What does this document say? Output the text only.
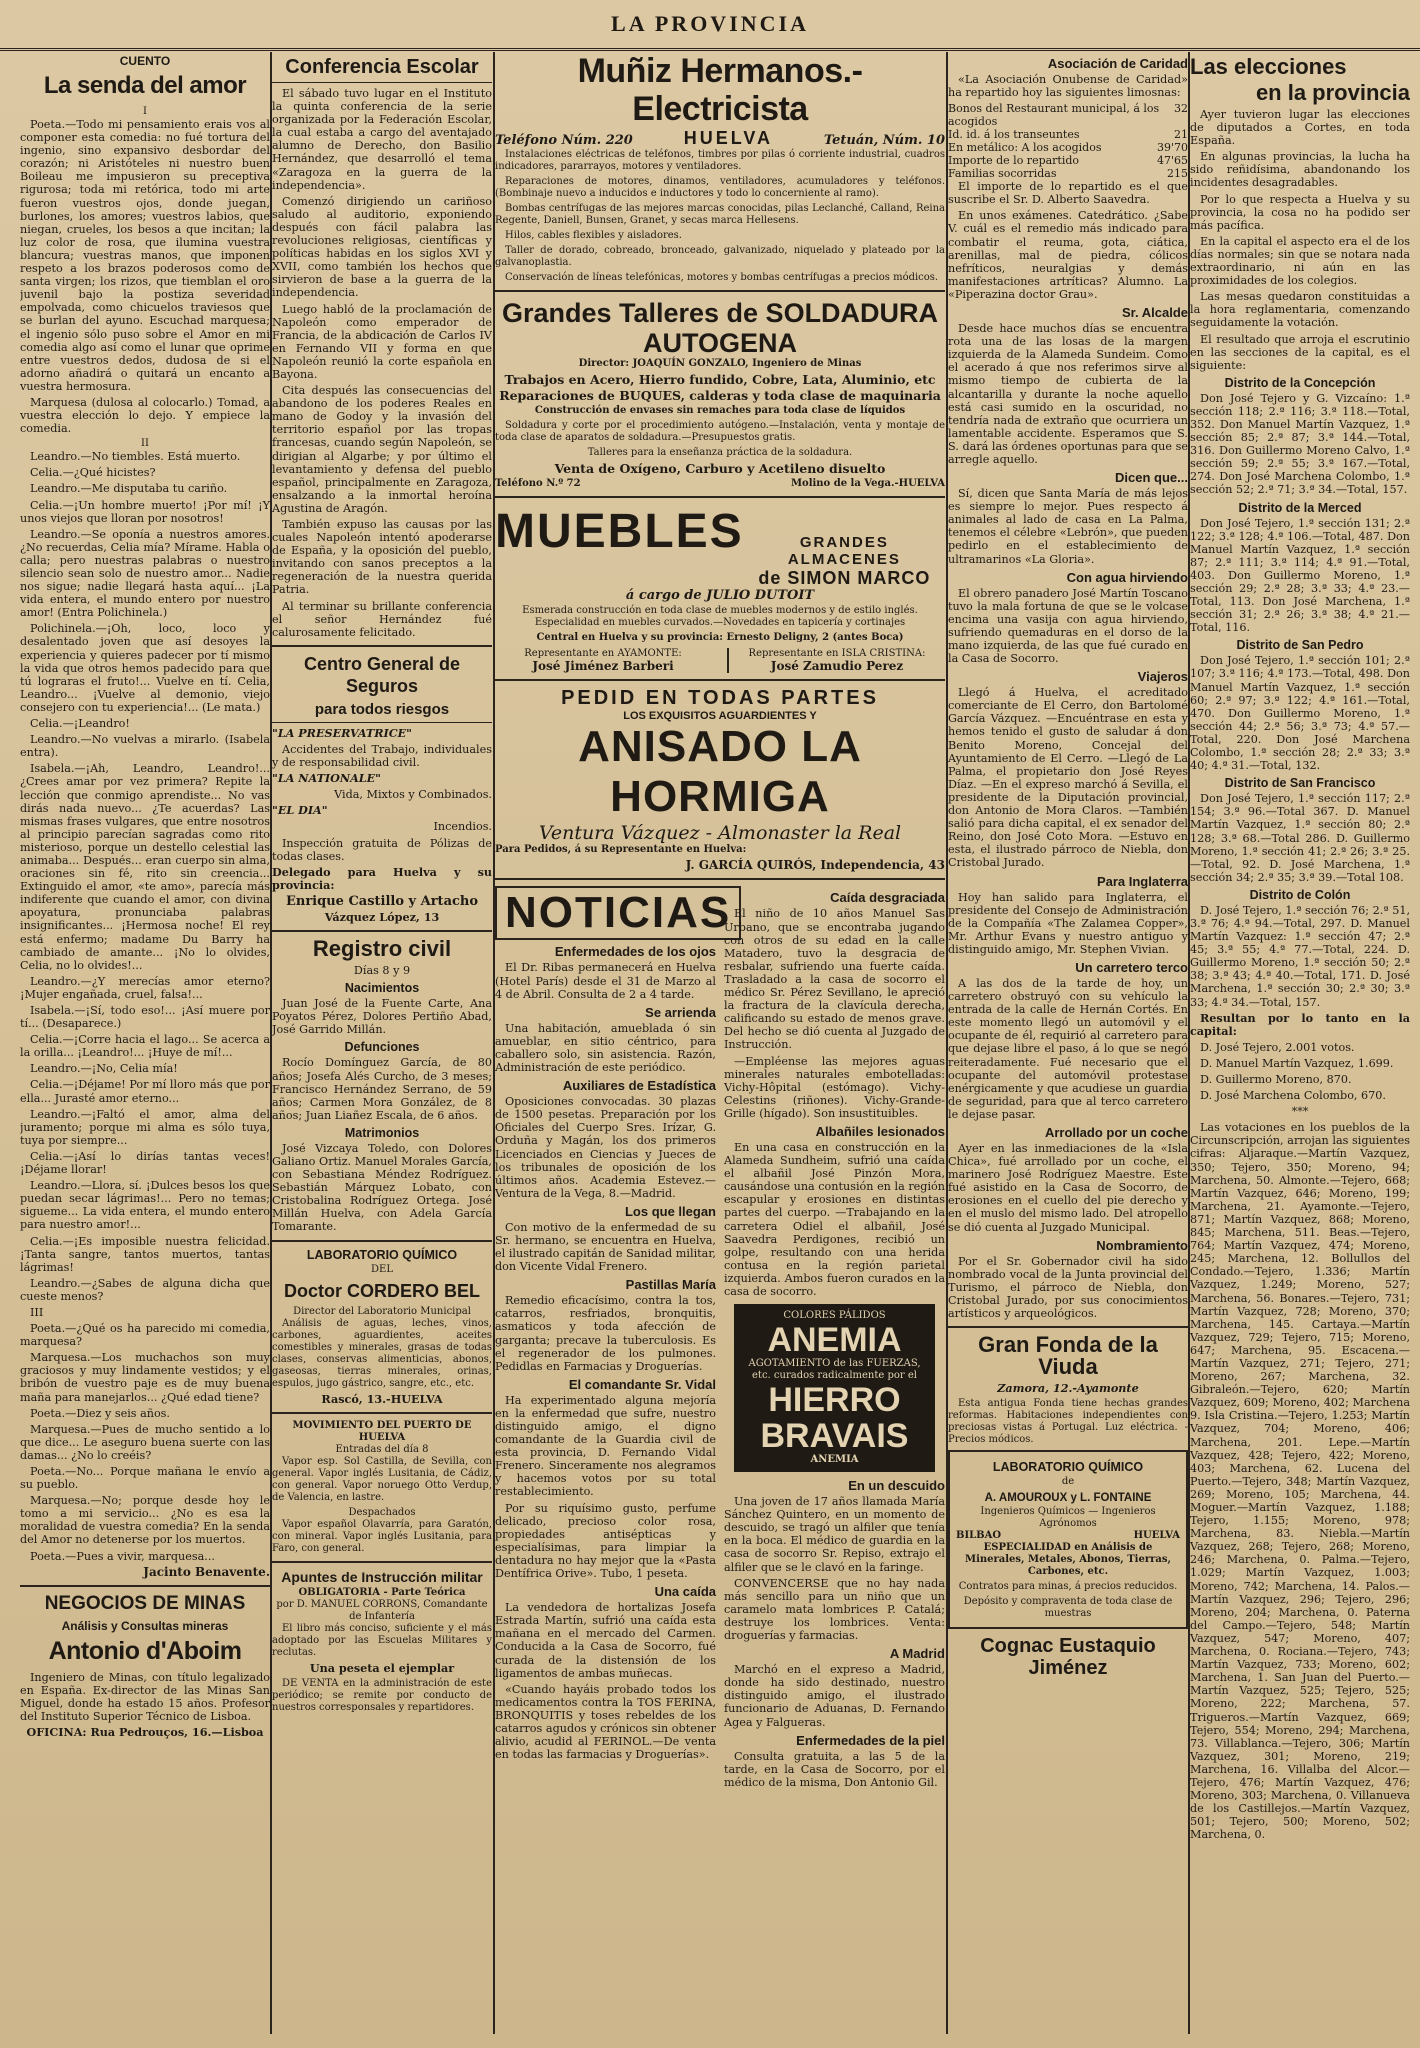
LA PROVINCIA
CUENTO
La senda del amor
I

Poeta.—Todo mi pensamiento erais vos al componer esta comedia: no fué tortura del ingenio, sino expansivo desbordar del corazón; ni Aristóteles ni nuestro buen Boileau me impusieron su preceptiva rigurosa; toda mi retórica, todo mi arte fueron vuestros ojos, donde juegan, burlones, los amores; vuestros labios, que niegan, crueles, los besos a que incitan; la luz color de rosa, que ilumina vuestra blancura; vuestras manos, que imponen respeto a los brazos poderosos como de santa virgen; los rizos, que tiemblan el oro juvenil bajo la postiza severidad empolvada, como chicuelos traviesos que se burlan del ayuno. Escuchad marquesa; el ingenio sólo puso sobre el Amor en mi comedia algo así como el lunar que oprime entre vuestros dedos, dudosa de si el adorno añadirá o quitará un encanto a vuestra hermosura.

Marquesa (dulosa al colocarlo.) Tomad, a vuestra elección lo dejo. Y empiece la comedia.

II

Leandro.—No tiembles. Está muerto.

Celia.—¿Qué hicistes?

Leandro.—Me disputaba tu cariño.

Celia.—¡Un hombre muerto! ¡Por mí! ¡Y unos viejos que lloran por nosotros!

Leandro.—Se oponía a nuestros amores. ¿No recuerdas, Celia mía? Mírame. Habla o calla; pero nuestras palabras o nuestro silencio sean solo de nuestro amor... Nadie nos sigue; nadie llegará hasta aquí... ¡La vida entera, el mundo entero por nuestro amor! (Entra Polichinela.)

Polichinela.—¡Oh, loco, loco y desalentado joven que así desoyes la experiencia y quieres padecer por tí mismo la vida que otros hemos padecido para que tú lograras el fruto!... Vuelve en tí. Celia, Leandro... ¡Vuelve al demonio, viejo consejero con tu experiencia!... (Le mata.)

Celia.—¡Leandro!

Leandro.—No vuelvas a mirarlo. (Isabela entra).

Isabela.—¡Ah, Leandro, Leandro!... ¿Crees amar por vez primera? Repite la lección que conmigo aprendiste... No vas dirás nada nuevo... ¿Te acuerdas? Las mismas frases vulgares, que entre nosotros al principio parecían sagradas como rito misterioso, porque un destello celestial las animaba... Después... eran cuerpo sin alma, oraciones sin fé, rito sin creencia... Extinguido el amor, «te amo», parecía más indiferente que cuando el amor, con divina apoyatura, pronunciaba palabras insignificantes... ¡Hermosa noche! El rey está enfermo; madame Du Barry ha cambiado de amante... ¡No lo olvides, Celia, no lo olvides!...

Leandro.—¿Y merecías amor eterno? ¡Mujer engañada, cruel, falsa!...

Isabela.—¡Sí, todo eso!... ¡Así muere por tí... (Desaparece.)

Celia.—¡Corre hacia el lago... Se acerca a la orilla... ¡Leandro!... ¡Huye de mí!...

Leandro.—¡No, Celia mía!

Celia.—¡Déjame! Por mí lloro más que por ella... Jurasté amor eterno...

Leandro.—¡Faltó el amor, alma del juramento; porque mi alma es sólo tuya, tuya por siempre...

Celia.—¡Así lo dirías tantas veces! ¡Déjame llorar!

Leandro.—Llora, sí. ¡Dulces besos los que puedan secar lágrimas!... Pero no temas; sigueme... La vida entera, el mundo entero para nuestro amor!...

Celia.—¡Es imposible nuestra felicidad. ¡Tanta sangre, tantos muertos, tantas lágrimas!

Leandro.—¿Sabes de alguna dicha que cueste menos?

III

Poeta.—¿Qué os ha parecido mi comedia, marquesa?

Marquesa.—Los muchachos son muy graciosos y muy lindamente vestidos; y el bribón de vuestro paje es de muy buena maña para manejarlos... ¿Qué edad tiene?

Poeta.—Diez y seis años.

Marquesa.—Pues de mucho sentido a lo que dice... Le aseguro buena suerte con las damas... ¿No lo creéis?

Poeta.—No... Porque mañana le envío a su pueblo.

Marquesa.—No; porque desde hoy le tomo a mi servicio... ¿No es esa la moralidad de vuestra comedia? En la senda del Amor no detenerse por los muertos.

Poeta.—Pues a vivir, marquesa...

Jacinto Benavente.

NEGOCIOS DE MINAS
Análisis y Consultas mineras
Antonio d'Aboim

Ingeniero de Minas, con título legalizado en España. Ex-director de las Minas San Miguel, donde ha estado 15 años. Profesor del Instituto Superior Técnico de Lisboa.

OFICINA: Rua Pedrouços, 16.—Lisboa

Conferencia Escolar

El sábado tuvo lugar en el Instituto la quinta conferencia de la serie organizada por la Federación Escolar, la cual estaba a cargo del aventajado alumno de Derecho, don Basilio Hernández, que desarrolló el tema «Zaragoza en la guerra de la independencia».

Comenzó dirigiendo un cariñoso saludo al auditorio, exponiendo después con fácil palabra las revoluciones religiosas, científicas y políticas habidas en los siglos XVI y XVII, como también los hechos que sirvieron de base a la guerra de la independencia.

Luego habló de la proclamación de Napoleón como emperador de Francia, de la abdicación de Carlos IV en Fernando VII y forma en que Napoleón reunió la corte española en Bayona.

Cita después las consecuencias del abandono de los poderes Reales en mano de Godoy y la invasión del territorio español por las tropas francesas, cuando según Napoleón, se dirigian al Algarbe; y por último el levantamiento y defensa del pueblo español, principalmente en Zaragoza, ensalzando a la inmortal heroína Agustina de Aragón.

También expuso las causas por las cuales Napoleón intentó apoderarse de España, y la oposición del pueblo, invitando con sanos preceptos a la regeneración de la nuestra querida Patria.

Al terminar su brillante conferencia el señor Hernández fué calurosamente felicitado.

Centro General de Seguros
para todos riesgos

"LA PRESERVATRICE"

Accidentes del Trabajo, individuales y de responsabilidad civil.

"LA NATIONALE"

Vida, Mixtos y Combinados.

"EL DIA"

Incendios.

Inspección gratuita de Pólizas de todas clases.

Delegado para Huelva y su provincia:

Enrique Castillo y Artacho

Vázquez López, 13

Registro civil

Días 8 y 9

Nacimientos

Juan José de la Fuente Carte, Ana Poyatos Pérez, Dolores Pertiño Abad, José Garrido Millán.

Defunciones

Rocío Domínguez García, de 80 años; Josefa Alés Curcho, de 3 meses; Francisco Hernández Serrano, de 59 años; Carmen Mora González, de 8 años; Juan Liañez Escala, de 6 años.

Matrimonios

José Vizcaya Toledo, con Dolores Galiano Ortiz. Manuel Morales García, con Sebastiana Méndez Rodríguez. Sebastián Márquez Lobato, con Cristobalina Rodríguez Ortega. José Millán Huelva, con Adela García Tomarante.

LABORATORIO QUÍMICO
DEL
Doctor CORDERO BEL
Director del Laboratorio Municipal

Análisis de aguas, leches, vinos, carbones, aguardientes, aceites comestibles y minerales, grasas de todas clases, conservas alimenticias, abonos, gaseosas, tierras minerales, orinas, espulos, jugo gástrico, sangre, etc., etc.

Rascó, 13.-HUELVA

MOVIMIENTO DEL PUERTO DE HUELVA
Entradas del día 8

Vapor esp. Sol Castilla, de Sevilla, con general. Vapor inglés Lusitania, de Cádiz, con general. Vapor noruego Otto Verdup, de Valencia, en lastre.

Despachados

Vapor español Olavarría, para Garatón, con mineral. Vapor inglés Lusitania, para Faro, con general.

Apuntes de Instrucción militar
OBLIGATORIA - Parte Teórica
por D. MANUEL CORRONS, Comandante de Infantería

El libro más conciso, suficiente y el más adoptado por las Escuelas Militares y reclutas.

Una peseta el ejemplar

DE VENTA en la administración de este periódico; se remite por conducto de nuestros corresponsales y repartidores.

Muñiz Hermanos.-Electricista
Teléfono Núm. 220	HUELVA	Tetuán, Núm. 10

Instalaciones eléctricas de teléfonos, timbres por pilas ó corriente industrial, cuadros indicadores, pararrayos, motores y ventiladores.

Reparaciones de motores, dinamos, ventiladores, acumuladores y teléfonos. (Bombinaje nuevo a inducidos e inductores y todo lo concerniente al ramo).

Bombas centrífugas de las mejores marcas conocidas, pilas Leclanché, Calland, Reina Regente, Daniell, Bunsen, Granet, y secas marca Hellesens.

Hilos, cables flexibles y aisladores.

Taller de dorado, cobreado, bronceado, galvanizado, niquelado y plateado por la galvanoplastia.

Conservación de líneas telefónicas, motores y bombas centrífugas a precios módicos.

Grandes Talleres de SOLDADURA AUTOGENA

Director: JOAQUÍN GONZALO, Ingeniero de Minas

Trabajos en Acero, Hierro fundido, Cobre, Lata, Aluminio, etc

Reparaciones de BUQUES, calderas y toda clase de maquinaria

Construcción de envases sin remaches para toda clase de líquidos

Soldadura y corte por el procedimiento autógeno.—Instalación, venta y montaje de toda clase de aparatos de soldadura.—Presupuestos gratis.

Talleres para la enseñanza práctica de la soldadura.

Venta de Oxígeno, Carburo y Acetileno disuelto

Teléfono N.º 72	Molino de la Vega.-HUELVA
MUEBLES	GRANDES ALMACENES
de SIMON MARCO

á cargo de JULIO DUTOIT

Esmerada construcción en toda clase de muebles modernos y de estilo inglés. Especialidad en muebles curvados.—Novedades en tapicería y cortinajes

Central en Huelva y su provincia: Ernesto Deligny, 2 (antes Boca)

Representante en AYAMONTE:
José Jiménez Barberi
Representante en ISLA CRISTINA:
José Zamudio Perez
PEDID EN TODAS PARTES
LOS EXQUISITOS AGUARDIENTES Y
ANISADO LA HORMIGA
Ventura Vázquez - Almonaster la Real

Para Pedidos, á su Representante en Huelva:

J. GARCÍA QUIRÓS, Independencia, 43

NOTICIAS
Enfermedades de los ojos

El Dr. Ribas permanecerá en Huelva (Hotel París) desde el 31 de Marzo al 4 de Abril. Consulta de 2 a 4 tarde.

Se arrienda

Una habitación, amueblada ó sin amueblar, en sitio céntrico, para caballero solo, sin asistencia. Razón, Administración de este periódico.

Auxiliares de Estadística

Oposiciones convocadas. 30 plazas de 1500 pesetas. Preparación por los Oficiales del Cuerpo Sres. Irízar, G. Orduña y Magán, los dos primeros Licenciados en Ciencias y Jueces de los tribunales de oposición de los últimos años. Academia Estevez.—Ventura de la Vega, 8.—Madrid.

Los que llegan

Con motivo de la enfermedad de su Sr. hermano, se encuentra en Huelva, el ilustrado capitán de Sanidad militar, don Vicente Vidal Frenero.

Pastillas María

Remedio eficacísimo, contra la tos, catarros, resfriados, bronquitis, asmaticos y toda afección de garganta; precave la tuberculosis. Es el regenerador de los pulmones. Pedidlas en Farmacias y Droguerías.

El comandante Sr. Vidal

Ha experimentado alguna mejoría en la enfermedad que sufre, nuestro distinguido amigo, el digno comandante de la Guardia civil de esta provincia, D. Fernando Vidal Frenero. Sinceramente nos alegramos y hacemos votos por su total restablecimiento.

Por su riquísimo gusto, perfume delicado, precioso color rosa, propiedades antisépticas y especialísimas, para limpiar la dentadura no hay mejor que la «Pasta Dentífrica Orive». Tubo, 1 peseta.

Una caída

La vendedora de hortalizas Josefa Estrada Martín, sufrió una caída esta mañana en el mercado del Carmen. Conducida a la Casa de Socorro, fué curada de la distensión de los ligamentos de ambas muñecas.

«Cuando hayáis probado todos los medicamentos contra la TOS FERINA, BRONQUITIS y toses rebeldes de los catarros agudos y crónicos sin obtener alivio, acudid al FERINOL.—De venta en todas las farmacias y Droguerías».

Caída desgraciada

El niño de 10 años Manuel Sas Urbano, que se encontraba jugando con otros de su edad en la calle Matadero, tuvo la desgracia de resbalar, sufriendo una fuerte caída. Trasladado a la casa de socorro el médico Sr. Pérez Sevillano, le apreció la fractura de la clavícula derecha, calificando su estado de menos grave. Del hecho se dió cuenta al Juzgado de Instrucción.

—Empléense las mejores aguas minerales naturales embotelladas: Vichy-Hôpital (estómago). Vichy-Celestins (riñones). Vichy-Grande-Grille (hígado). Son insustituibles.

Albañiles lesionados

En una casa en construcción en la Alameda Sundheim, sufrió una caída el albañil José Pinzón Mora, causándose una contusión en la región escapular y erosiones en distintas partes del cuerpo. —Trabajando en la carretera Odiel el albañil, José Saavedra Perdigones, recibió un golpe, resultando con una herida contusa en la región parietal izquierda. Ambos fueron curados en la casa de socorro.

COLORES PÁLIDOS
ANEMIA
AGOTAMIENTO de las FUERZAS, etc. curados radicalmente por el
HIERRO
BRAVAIS
ANEMIA
En un descuido

Una joven de 17 años llamada María Sánchez Quintero, en un momento de descuido, se tragó un alfiler que tenía en la boca. El médico de guardia en la casa de socorro Sr. Repiso, extrajo el alfiler que se le clavó en la faringe.

CONVENCERSE que no hay nada más sencillo para un niño que un caramelo mata lombrices P. Catalá; destruye los lombrices. Venta: droguerías y farmacias.

A Madrid

Marchó en el expreso a Madrid, donde ha sido destinado, nuestro distinguido amigo, el ilustrado funcionario de Aduanas, D. Fernando Agea y Falgueras.

Enfermedades de la piel

Consulta gratuita, a las 5 de la tarde, en la Casa de Socorro, por el médico de la misma, Don Antonio Gil.

Asociación de Caridad

«La Asociación Onubense de Caridad» ha repartido hoy las siguientes limosnas:

Bonos del Restaurant municipal, á los acogidos
32
Id. id. á los transeuntes	21
En metálico: A los acogidos	39'70
Importe de lo repartido	47'65
Familias socorridas	215

El importe de lo repartido es el que suscribe el Sr. D. Alberto Saavedra.

En unos exámenes. Catedrático. ¿Sabe V. cuál es el remedio más indicado para combatir el reuma, gota, ciática, arenillas, mal de piedra, cólicos nefríticos, neuralgias y demás manifestaciones artríticas? Alumno. La «Piperazina doctor Grau».

Sr. Alcalde

Desde hace muchos días se encuentra rota una de las losas de la margen izquierda de la Alameda Sundeim. Como el acerado á que nos referimos sirve al mismo tiempo de cubierta de la alcantarilla y durante la noche aquello está casi sumido en la oscuridad, no tendría nada de extraño que ocurriera un lamentable accidente. Esperamos que S. S. dará las órdenes oportunas para que se arregle aquello.

Dicen que...

Sí, dicen que Santa María de más lejos es siempre lo mejor. Pues respecto á animales al lado de casa en La Palma, tenemos el célebre «Lebrón», que pueden pedirlo en el establecimiento de ultramarinos «La Gloria».

Con agua hirviendo

El obrero panadero José Martín Toscano tuvo la mala fortuna de que se le volcase encima una vasija con agua hirviendo, sufriendo quemaduras en el dorso de la mano izquierda, de las que fué curado en la Casa de Socorro.

Viajeros

Llegó á Huelva, el acreditado comerciante de El Cerro, don Bartolomé García Vázquez. —Encuéntrase en esta y hemos tenido el gusto de saludar á don Benito Moreno, Concejal del Ayuntamiento de El Cerro. —Llegó de La Palma, el propietario don José Reyes Díaz. —En el expreso marchó á Sevilla, el presidente de la Diputación provincial, don Antonio de Mora Claros. —También salió para dicha capital, el ex senador del Reino, don José Coto Mora. —Estuvo en esta, el ilustrado párroco de Niebla, don Cristobal Jurado.

Para Inglaterra

Hoy han salido para Inglaterra, el presidente del Consejo de Administración de la Compañía «The Zalamea Copper», Mr. Arthur Evans y nuestro antiguo y distinguido amigo, Mr. Stephen Vivian.

Un carretero terco

A las dos de la tarde de hoy, un carretero obstruyó con su vehículo la entrada de la calle de Hernán Cortés. En este momento llegó un automóvil y el ocupante de él, requirió al carretero para que dejase libre el paso, á lo que se negó reiteradamente. Fué necesario que el ocupante del automóvil protestase enérgicamente y que acudiese un guardia de seguridad, para que al terco carretero le dejase pasar.

Arrollado por un coche

Ayer en las inmediaciones de la «Isla Chica», fué arrollado por un coche, el marinero José Rodríguez Maestre. Este fué asistido en la Casa de Socorro, de erosiones en el cuello del pie derecho y en el muslo del mismo lado. Del atropello se dió cuenta al Juzgado Municipal.

Nombramiento

Por el Sr. Gobernador civil ha sido nombrado vocal de la Junta provincial del Turismo, el párroco de Niebla, don Cristobal Jurado, por sus conocimientos artísticos y arqueológicos.

Gran Fonda de la Viuda

Zamora, 12.-Ayamonte

Esta antigua Fonda tiene hechas grandes reformas. Habitaciones independientes con preciosas vistas á Portugal. Luz eléctrica. - Precios módicos.

LABORATORIO QUÍMICO
de
A. AMOUROUX y L. FONTAINE
Ingenieros Químicos — Ingenieros Agrónomos
BILBAO	HUELVA

ESPECIALIDAD en Análisis de Minerales, Metales, Abonos, Tierras, Carbones, etc.

Contratos para minas, á precios reducidos.

Depósito y compraventa de toda clase de muestras

Cognac Eustaquio Jiménez
Las elecciones
en la provincia

Ayer tuvieron lugar las elecciones de diputados a Cortes, en toda España.

En algunas provincias, la lucha ha sido reñidísima, abandonando los incidentes desagradables.

Por lo que respecta a Huelva y su provincia, la cosa no ha podido ser más pacífica.

En la capital el aspecto era el de los días normales; sin que se notara nada extraordinario, ni aún en las proximidades de los colegios.

Las mesas quedaron constituidas a la hora reglamentaria, comenzando seguidamente la votación.

El resultado que arroja el escrutinio en las secciones de la capital, es el siguiente:

Distrito de la Concepción

Don José Tejero y G. Vizcaíno: 1.ª sección 118; 2.ª 116; 3.ª 118.—Total, 352. Don Manuel Martín Vazquez, 1.ª sección 85; 2.ª 87; 3.ª 144.—Total, 316. Don Guillermo Moreno Calvo, 1.ª sección 59; 2.ª 55; 3.ª 167.—Total, 274. Don José Marchena Colombo, 1.ª sección 52; 2.ª 71; 3.ª 34.—Total, 157.

Distrito de la Merced

Don José Tejero, 1.ª sección 131; 2.ª 122; 3.ª 128; 4.ª 106.—Total, 487. Don Manuel Martín Vazquez, 1.ª sección 87; 2.ª 111; 3.ª 114; 4.ª 91.—Total, 403. Don Guillermo Moreno, 1.ª sección 29; 2.ª 28; 3.ª 33; 4.ª 23.—Total, 113. Don José Marchena, 1.ª sección 31; 2.ª 26; 3.ª 38; 4.ª 21.—Total, 116.

Distrito de San Pedro

Don José Tejero, 1.ª sección 101; 2.ª 107; 3.ª 116; 4.ª 173.—Total, 498. Don Manuel Martín Vazquez, 1.ª sección 60; 2.ª 97; 3.ª 122; 4.ª 161.—Total, 470. Don Guillermo Moreno, 1.ª sección 44; 2.ª 56; 3.ª 73; 4.ª 57.—Total, 220. Don José Marchena Colombo, 1.ª sección 28; 2.ª 33; 3.ª 40; 4.ª 31.—Total, 132.

Distrito de San Francisco

Don José Tejero, 1.ª sección 117; 2.ª 154; 3.ª 96.—Total 367. D. Manuel Martín Vazquez, 1.ª sección 80; 2.ª 128; 3.ª 68.—Total 286. D. Guillermo Moreno, 1.ª sección 41; 2.ª 26; 3.ª 25.—Total, 92. D. José Marchena, 1.ª sección 34; 2.ª 35; 3.ª 39.—Total 108.

Distrito de Colón

D. José Tejero, 1.ª sección 76; 2.ª 51, 3.ª 76; 4.ª 94.—Total, 297. D. Manuel Martín Vazquez: 1.ª sección 47; 2.ª 45; 3.ª 55; 4.ª 77.—Total, 224. D. Guillermo Moreno, 1.ª sección 50; 2.ª 38; 3.ª 43; 4.ª 40.—Total, 171. D. José Marchena, 1.ª sección 30; 2.ª 30; 3.ª 33; 4.ª 34.—Total, 157.

Resultan por lo tanto en la capital:

D. José Tejero, 2.001 votos.

D. Manuel Martín Vazquez, 1.699.

D. Guillermo Moreno, 870.

D. José Marchena Colombo, 670.

***

Las votaciones en los pueblos de la Circunscripción, arrojan las siguientes cifras: Aljaraque.—Martín Vazquez, 350; Tejero, 350; Moreno, 94; Marchena, 50. Almonte.—Tejero, 668; Martín Vazquez, 646; Moreno, 199; Marchena, 21. Ayamonte.—Tejero, 871; Martín Vazquez, 868; Moreno, 845; Marchena, 511. Beas.—Tejero, 764; Martín Vazquez, 474; Moreno, 245; Marchena, 12. Bollullos del Condado.—Tejero, 1.336; Martín Vazquez, 1.249; Moreno, 527; Marchena, 56. Bonares.—Tejero, 731; Martín Vazquez, 728; Moreno, 370; Marchena, 145. Cartaya.—Martín Vazquez, 729; Tejero, 715; Moreno, 647; Marchena, 95. Escacena.—Martín Vazquez, 271; Tejero, 271; Moreno, 267; Marchena, 32. Gibraleón.—Tejero, 620; Martín Vazquez, 609; Moreno, 402; Marchena 9. Isla Cristina.—Tejero, 1.253; Martín Vazquez, 704; Moreno, 406; Marchena, 201. Lepe.—Martín Vazquez, 428; Tejero, 422; Moreno, 403; Marchena, 62. Lucena del Puerto.—Tejero, 348; Martín Vazquez, 269; Moreno, 105; Marchena, 44. Moguer.—Martín Vazquez, 1.188; Tejero, 1.155; Moreno, 978; Marchena, 83. Niebla.—Martín Vazquez, 268; Tejero, 268; Moreno, 246; Marchena, 0. Palma.—Tejero, 1.029; Martín Vazquez, 1.003; Moreno, 742; Marchena, 14. Palos.—Martín Vazquez, 296; Tejero, 296; Moreno, 204; Marchena, 0. Paterna del Campo.—Tejero, 548; Martín Vazquez, 547; Moreno, 407; Marchena, 0. Rociana.—Tejero, 743; Martín Vazquez, 733; Moreno, 602; Marchena, 1. San Juan del Puerto.—Martín Vazquez, 525; Tejero, 525; Moreno, 222; Marchena, 57. Trigueros.—Martín Vazquez, 669; Tejero, 554; Moreno, 294; Marchena, 73. Villablanca.—Tejero, 306; Martín Vazquez, 301; Moreno, 219; Marchena, 16. Villalba del Alcor.—Tejero, 476; Martín Vazquez, 476; Moreno, 303; Marchena, 0. Villanueva de los Castillejos.—Martín Vazquez, 501; Tejero, 500; Moreno, 502; Marchena, 0.
